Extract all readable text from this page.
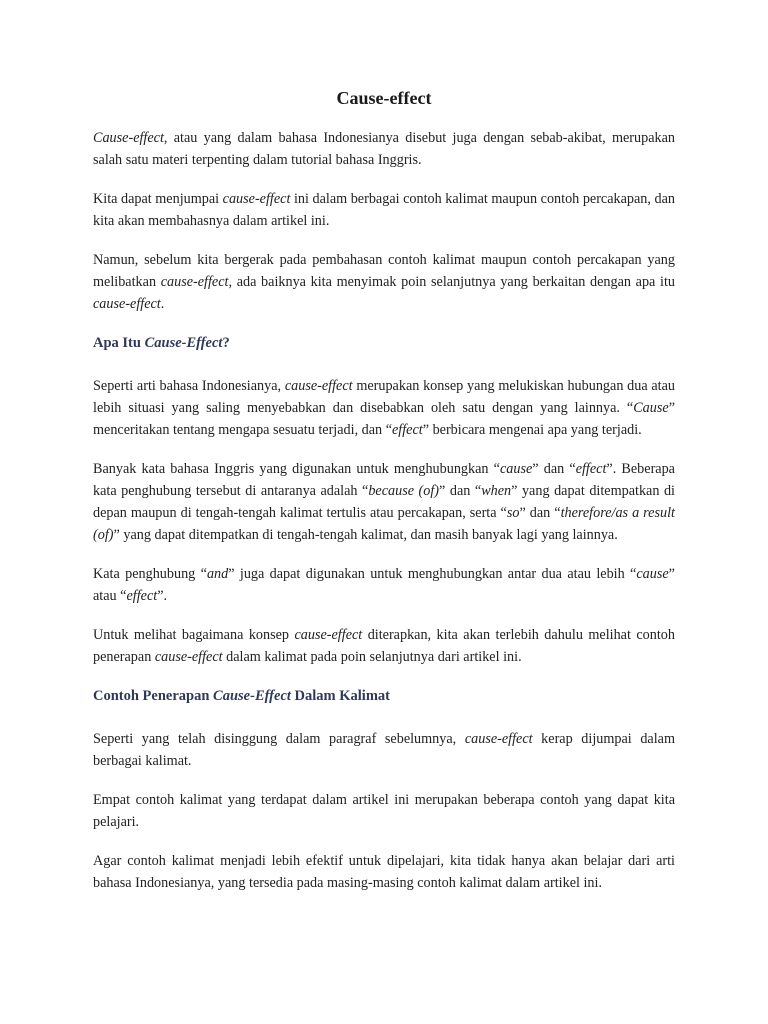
Cause-effect

Cause-effect, atau yang dalam bahasa Indonesianya disebut juga dengan sebab-akibat, merupakan salah satu materi terpenting dalam tutorial bahasa Inggris.

Kita dapat menjumpai cause-effect ini dalam berbagai contoh kalimat maupun contoh percakapan, dan kita akan membahasnya dalam artikel ini.

Namun, sebelum kita bergerak pada pembahasan contoh kalimat maupun contoh percakapan yang melibatkan cause-effect, ada baiknya kita menyimak poin selanjutnya yang berkaitan dengan apa itu cause-effect.

Apa Itu Cause-Effect?

Seperti arti bahasa Indonesianya, cause-effect merupakan konsep yang melukiskan hubungan dua atau lebih situasi yang saling menyebabkan dan disebabkan oleh satu dengan yang lainnya. “Cause” menceritakan tentang mengapa sesuatu terjadi, dan “effect” berbicara mengenai apa yang terjadi.

Banyak kata bahasa Inggris yang digunakan untuk menghubungkan “cause” dan “effect”. Beberapa kata penghubung tersebut di antaranya adalah “because (of)” dan “when” yang dapat ditempatkan di depan maupun di tengah-tengah kalimat tertulis atau percakapan, serta “so” dan “therefore/as a result (of)” yang dapat ditempatkan di tengah-tengah kalimat, dan masih banyak lagi yang lainnya.

Kata penghubung “and” juga dapat digunakan untuk menghubungkan antar dua atau lebih “cause” atau “effect”.

Untuk melihat bagaimana konsep cause-effect diterapkan, kita akan terlebih dahulu melihat contoh penerapan cause-effect dalam kalimat pada poin selanjutnya dari artikel ini.

Contoh Penerapan Cause-Effect Dalam Kalimat

Seperti yang telah disinggung dalam paragraf sebelumnya, cause-effect kerap dijumpai dalam berbagai kalimat.

Empat contoh kalimat yang terdapat dalam artikel ini merupakan beberapa contoh yang dapat kita pelajari.

Agar contoh kalimat menjadi lebih efektif untuk dipelajari, kita tidak hanya akan belajar dari arti bahasa Indonesianya, yang tersedia pada masing-masing contoh kalimat dalam artikel ini.
